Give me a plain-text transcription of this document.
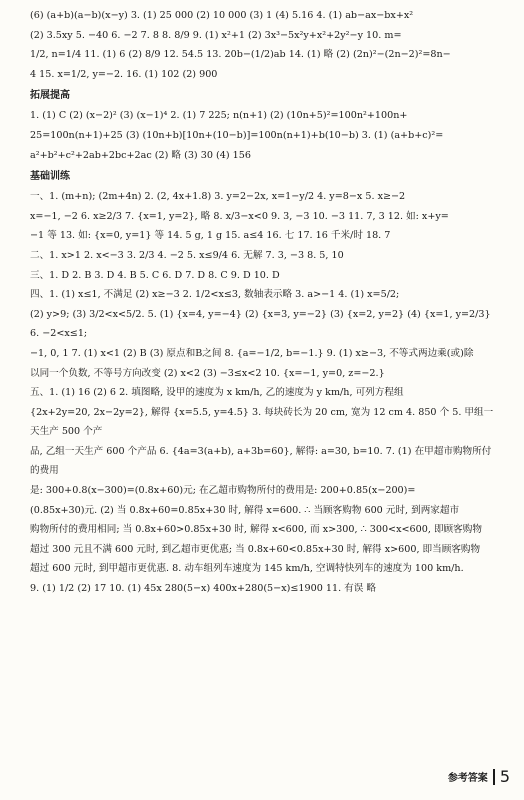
(6) (a+b)(a−b)(x−y) 3. (1) 25 000 (2) 10 000 (3) 1 (4) 5.16 4. (1) ab−ax−bx+x²
(2) 3.5xy 5. −40 6. −2 7. 8 8. 8/9 9. (1) x²+1 (2) 3x³−5x²y+x²+2y²−y 10. m=
1/2, n=1/4 11. (1) 6 (2) 8/9 12. 54.5 13. 20b−(1/2)ab 14. (1) 略 (2) (2n)²−(2n−2)²=8n−
4 15. x=1/2, y=−2. 16. (1) 102 (2) 900
拓展提高
1. (1) C (2) (x−2)² (3) (x−1)⁴ 2. (1) 7 225; n(n+1) (2) (10n+5)²=100n²+100n+
25=100n(n+1)+25 (3) (10n+b)[10n+(10−b)]=100n(n+1)+b(10−b) 3. (1) (a+b+c)²=
a²+b²+c²+2ab+2bc+2ac (2) 略 (3) 30 (4) 156
基础训练
一、1. (m+n); (2m+4n) 2. (2, 4x+1.8) 3. y=2−2x, x=1−y/2 4. y=8−x 5. x≥−2
x=−1, −2 6. x≥2/3 7. {x=1, y=2}, 略 8. x/3−x<0 9. 3, −3 10. −3 11. 7, 3 12. 如: x+y=
−1 等 13. 如: {x=0, y=1} 等 14. 5 g, 1 g 15. a≤4 16. 七 17. 16 千米/时 18. 7
二、1. x>1 2. x<−3 3. 2/3 4. −2 5. x≤9/4 6. 无解 7. 3, −3 8. 5, 10
三、1. D 2. B 3. D 4. B 5. C 6. D 7. D 8. C 9. D 10. D
四、1. (1) x≤1, 不满足 (2) x≥−3 2. 1/2<x≤3, 数轴表示略 3. a>−1 4. (1) x=5/2;
(2) y>9; (3) 3/2<x<5/2. 5. (1) {x=4, y=−4} (2) {x=3, y=−2} (3) {x=2, y=2} (4) {x=1, y=2/3} 6. −2<x≤1;
−1, 0, 1 7. (1) x<1 (2) B (3) 原点和B之间 8. {a=−1/2, b=−1.} 9. (1) x≥−3, 不等式两边乘(或)除
以同一个负数, 不等号方向改变 (2) x<2 (3) −3≤x<2 10. {x=−1, y=0, z=−2.}
五、1. (1) 16 (2) 6 2. 填图略, 设甲的速度为 x km/h, 乙的速度为 y km/h, 可列方程组
{2x+2y=20, 2x−2y=2}, 解得 {x=5.5, y=4.5} 3. 每块砖长为 20 cm, 宽为 12 cm 4. 850 个 5. 甲组一天生产 500 个产
品, 乙组一天生产 600 个产品 6. {4a=3(a+b), a+3b=60}, 解得: a=30, b=10. 7. (1) 在甲超市购物所付的费用
是: 300+0.8(x−300)=(0.8x+60)元; 在乙超市购物所付的费用是: 200+0.85(x−200)=
(0.85x+30)元. (2) 当 0.8x+60=0.85x+30 时, 解得 x=600. ∴ 当顾客购物 600 元时, 到两家超市
购物所付的费用相同; 当 0.8x+60>0.85x+30 时, 解得 x<600, 而 x>300, ∴ 300<x<600, 即顾客购物
超过 300 元且不满 600 元时, 到乙超市更优惠; 当 0.8x+60<0.85x+30 时, 解得 x>600, 即当顾客购物
超过 600 元时, 到甲超市更优惠. 8. 动车组列车速度为 145 km/h, 空调特快列车的速度为 100 km/h.
9. (1) 1/2 (2) 17 10. (1) 45x 280(5−x) 400x+280(5−x)≤1900 11. 有误 略
参考答案 5
